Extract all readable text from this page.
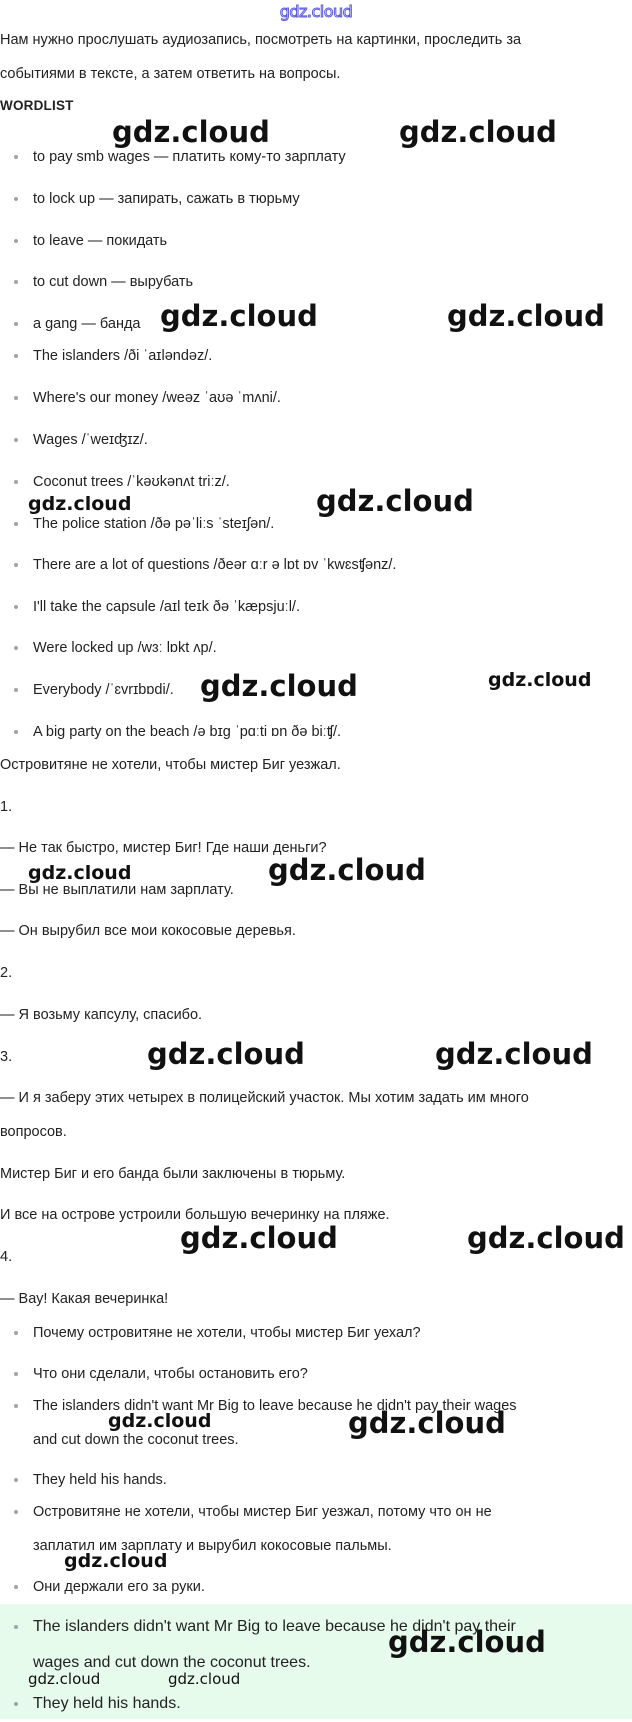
gdz.cloud

Нам нужно прослушать аудиозапись, посмотреть на картинки, проследить за

событиями в тексте, а затем ответить на вопросы.

WORDLIST
to pay smb wages — платить кому-то зарплату
to lock up — запирать, сажать в тюрьму
to leave — покидать
to cut down — вырубать
a gang — банда
The islanders /ði ˈaɪləndəz/.
Where's our money /weəz ˈaʊə ˈmʌni/.
Wages /ˈweɪʤɪz/.
Coconut trees /ˈkəʊkənʌt triːz/.
The police station /ðə pəˈliːs ˈsteɪʃən/.
There are a lot of questions /ðeər ɑːr ə lɒt ɒv ˈkwɛsʧənz/.
I'll take the capsule /aɪl teɪk ðə ˈkæpsjuːl/.
Were locked up /wɜː lɒkt ʌp/.
Everybody /ˈɛvrɪbɒdi/.
A big party on the beach /ə bɪg ˈpɑːti ɒn ðə biːʧ/.

Островитяне не хотели, чтобы мистер Биг уезжал.

1.

— Не так быстро, мистер Биг! Где наши деньги?

— Вы не выплатили нам зарплату.

— Он вырубил все мои кокосовые деревья.

2.

— Я возьму капсулу, спасибо.

3.

— И я заберу этих четырех в полицейский участок. Мы хотим задать им много

вопросов.

Мистер Биг и его банда были заключены в тюрьму.

И все на острове устроили большую вечеринку на пляже.

4.

— Вау! Какая вечеринка!

Почему островитяне не хотели, чтобы мистер Биг уехал?
Что они сделали, чтобы остановить его?
The islanders didn't want Mr Big to leave because he didn't pay their wages
and cut down the coconut trees.
They held his hands.
Островитяне не хотели, чтобы мистер Биг уезжал, потому что он не
заплатил им зарплату и вырубил кокосовые пальмы.
Они держали его за руки.
The islanders didn't want Mr Big to leave because he didn't pay their
wages and cut down the coconut trees.
They held his hands.
gdz.cloud	gdz.cloud
gdz.cloud	gdz.cloud
gdz.cloud	gdz.cloud
gdz.cloud	gdz.cloud
gdz.cloud	gdz.cloud
gdz.cloud	gdz.cloud
gdz.cloud	gdz.cloud
gdz.cloud	gdz.cloud
gdz.cloud
gdz.cloud
gdz.cloud	gdz.cloud
